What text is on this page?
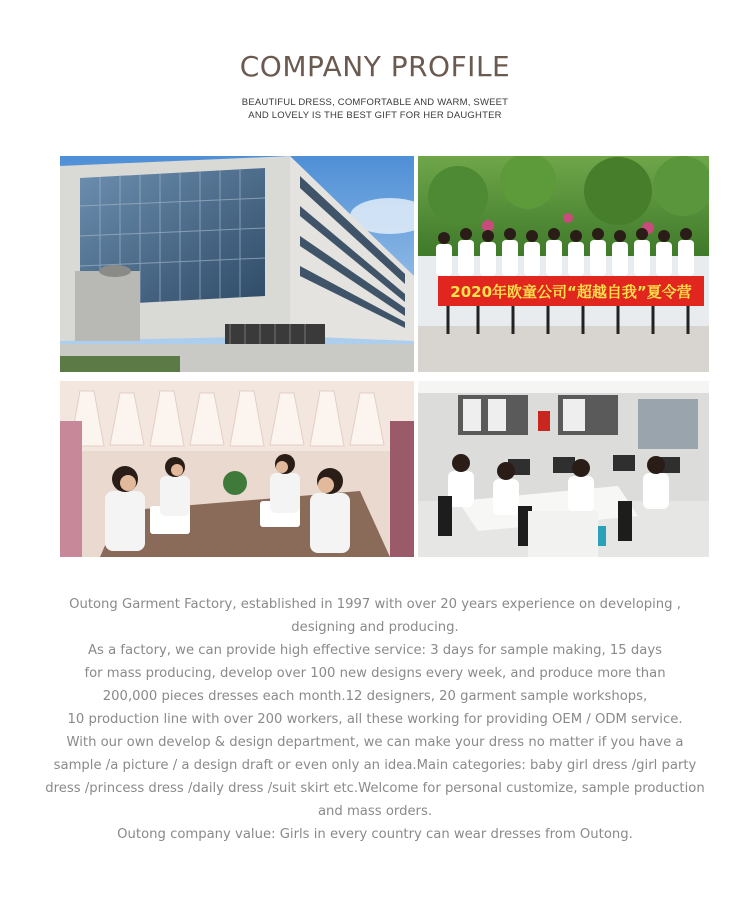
COMPANY PROFILE
BEAUTIFUL DRESS, COMFORTABLE AND WARM, SWEET
AND LOVELY IS THE BEST GIFT FOR HER DAUGHTER
2020年欧童公司“超越自我”夏令营
Outong Garment Factory, established in 1997 with over 20 years experience on developing ,
designing and producing.
As a factory, we can provide high effective service: 3 days for sample making, 15 days
for mass producing, develop over 100 new designs every week, and produce more than
200,000 pieces dresses each month.12 designers, 20 garment sample workshops,
10 production line with over 200 workers, all these working for providing OEM / ODM service.
With our own develop & design department, we can make your dress no matter if you have a
sample /a picture / a design draft or even only an idea.Main categories: baby girl dress /girl party
dress /princess dress /daily dress /suit skirt etc.Welcome for personal customize, sample production
and mass orders.
Outong company value: Girls in every country can wear dresses from Outong.
